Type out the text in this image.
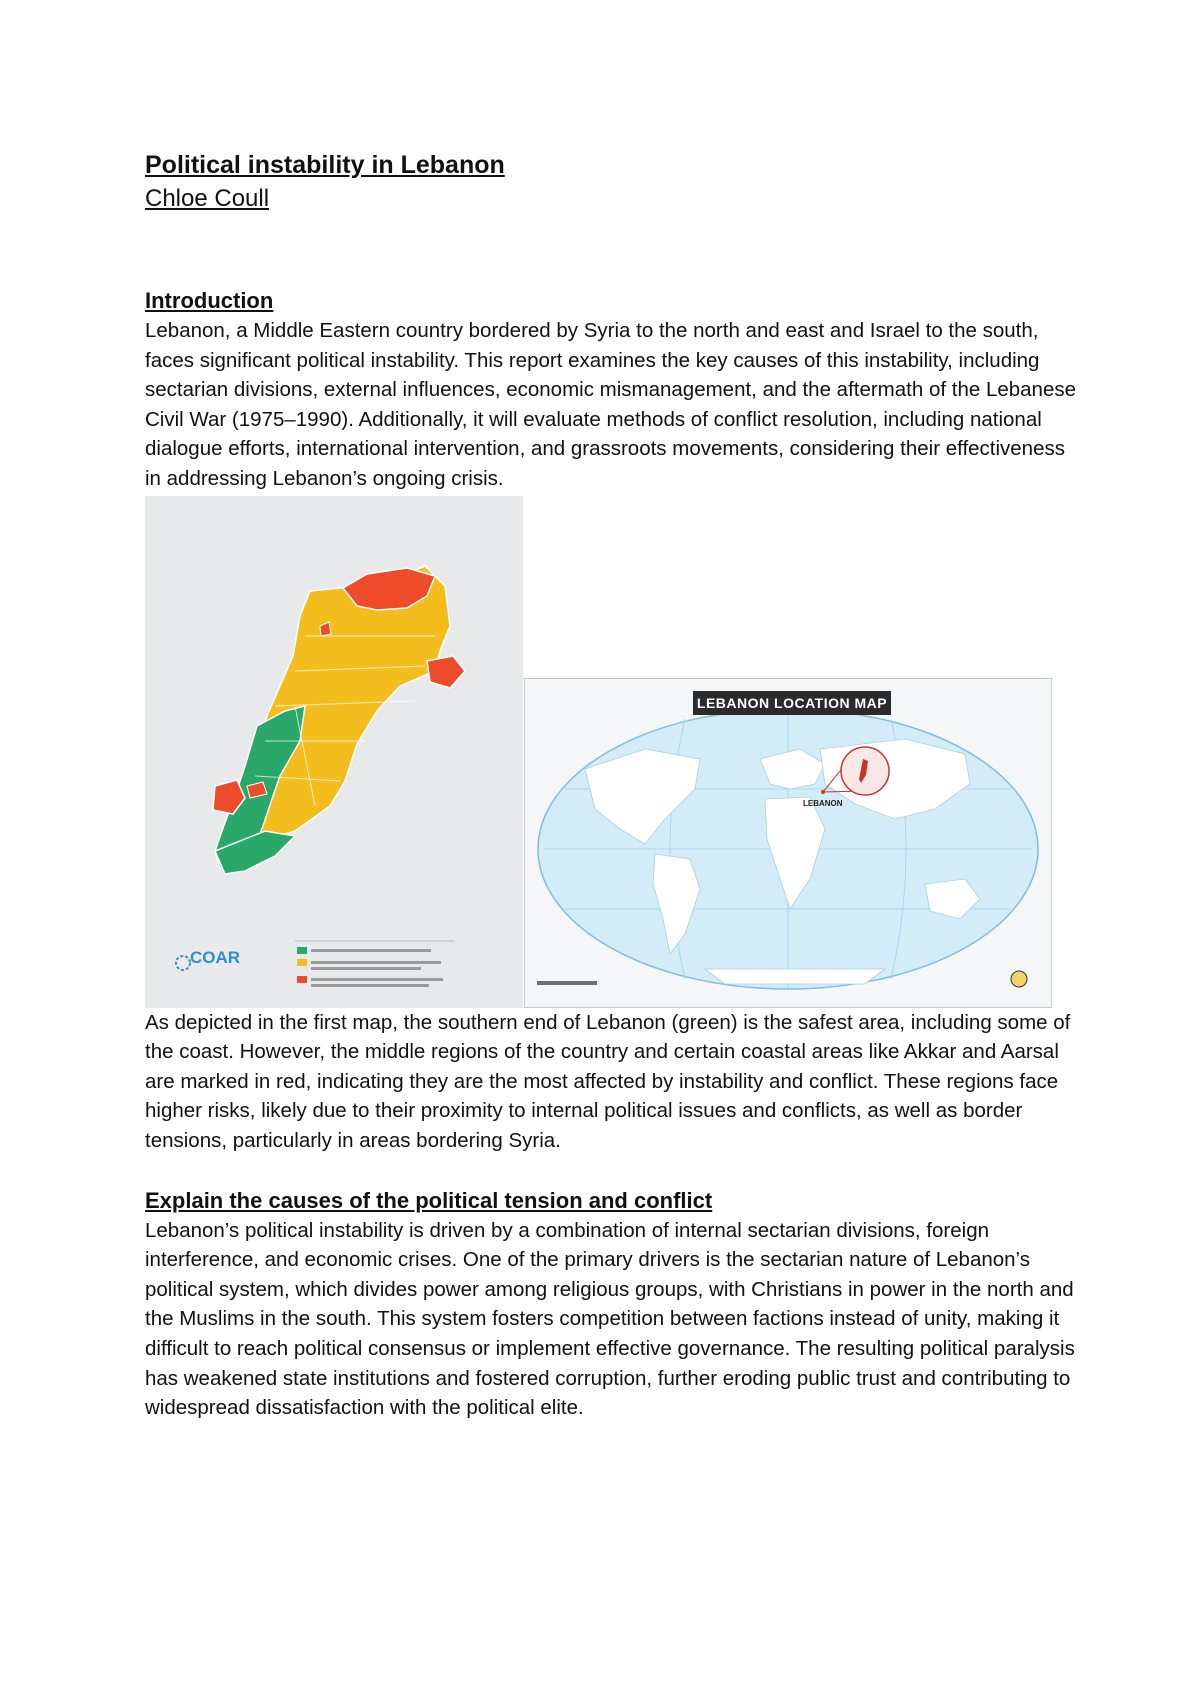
Political instability in Lebanon

Chloe Coull

Introduction

Lebanon, a Middle Eastern country bordered by Syria to the north and east and Israel to the south, faces significant political instability. This report examines the key causes of this instability, including sectarian divisions, external influences, economic mismanagement, and the aftermath of the Lebanese Civil War (1975–1990). Additionally, it will evaluate methods of conflict resolution, including national dialogue efforts, international intervention, and grassroots movements, considering their effectiveness in addressing Lebanon’s ongoing crisis.

COAR
LEBANON LOCATION MAP
LEBANON

As depicted in the first map, the southern end of Lebanon (green) is the safest area, including some of the coast. However, the middle regions of the country and certain coastal areas like Akkar and Aarsal are marked in red, indicating they are the most affected by instability and conflict. These regions face higher risks, likely due to their proximity to internal political issues and conflicts, as well as border tensions, particularly in areas bordering Syria.

Explain the causes of the political tension and conflict

Lebanon’s political instability is driven by a combination of internal sectarian divisions, foreign interference, and economic crises. One of the primary drivers is the sectarian nature of Lebanon’s political system, which divides power among religious groups, with Christians in power in the north and the Muslims in the south. This system fosters competition between factions instead of unity, making it difficult to reach political consensus or implement effective governance. The resulting political paralysis has weakened state institutions and fostered corruption, further eroding public trust and contributing to widespread dissatisfaction with the political elite.
